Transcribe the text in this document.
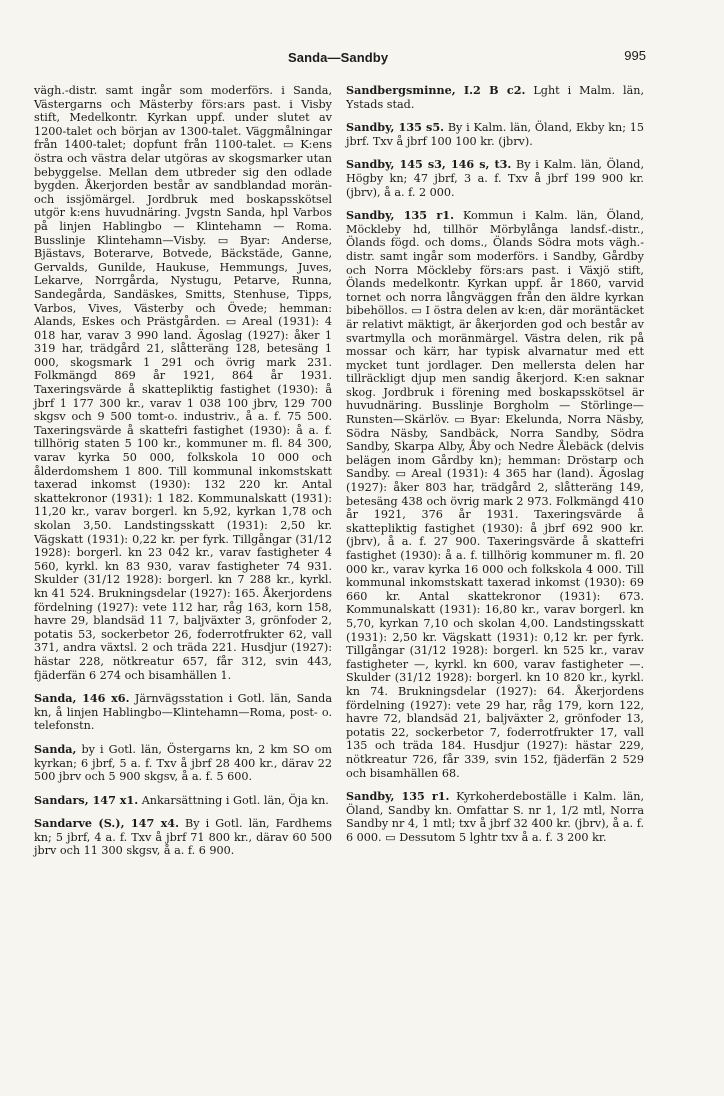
Sanda—Sandby	995

vägh.-distr. samt ingår som moderförs. i Sanda, Västergarns och Mästerby förs:ars past. i Visby stift, Medelkontr. Kyrkan uppf. under slutet av 1200-talet och början av 1300-talet. Väggmålningar från 1400-talet; dopfunt från 1100-talet. ▭ K:ens östra och västra delar utgöras av skogsmarker utan bebyggelse. Mellan dem utbreder sig den odlade bygden. Åkerjorden består av sandblandad morän- och issjömärgel. Jordbruk med boskapsskötsel utgör k:ens huvudnäring. Jvgstn Sanda, hpl Varbos på linjen Hablingbo — Klintehamn — Roma. Busslinje Klintehamn—Visby. ▭ Byar: Anderse, Bjästavs, Boterarve, Botvede, Bäckstäde, Ganne, Gervalds, Gunilde, Haukuse, Hemmungs, Juves, Lekarve, Norrgårda, Nystugu, Petarve, Runna, Sandegårda, Sandäskes, Smitts, Stenhuse, Tipps, Varbos, Vives, Västerby och Övede; hemman: Alands, Eskes och Prästgården. ▭ Areal (1931): 4 018 har, varav 3 990 land. Ägoslag (1927): åker 1 319 har, trädgård 21, slåtteräng 128, betesäng 1 000, skogsmark 1 291 och övrig mark 231. Folkmängd 869 år 1921, 864 år 1931. Taxeringsvärde å skattepliktig fastighet (1930): å jbrf 1 177 300 kr., varav 1 038 100 jbrv, 129 700 skgsv och 9 500 tomt-o. industriv., å a. f. 75 500. Taxeringsvärde å skattefri fastighet (1930): å a. f. tillhörig staten 5 100 kr., kommuner m. fl. 84 300, varav kyrka 50 000, folkskola 10 000 och ålderdomshem 1 800. Till kommunal inkomstskatt taxerad inkomst (1930): 132 220 kr. Antal skattekronor (1931): 1 182. Kommunalskatt (1931): 11,20 kr., varav borgerl. kn 5,92, kyrkan 1,78 och skolan 3,50. Landstingsskatt (1931): 2,50 kr. Vägskatt (1931): 0,22 kr. per fyrk. Tillgångar (31/12 1928): borgerl. kn 23 042 kr., varav fastigheter 4 560, kyrkl. kn 83 930, varav fastigheter 74 931. Skulder (31/12 1928): borgerl. kn 7 288 kr., kyrkl. kn 41 524. Brukningsdelar (1927): 165. Åkerjordens fördelning (1927): vete 112 har, råg 163, korn 158, havre 29, blandsäd 11 7, baljväxter 3, grönfoder 2, potatis 53, sockerbetor 26, foderrotfrukter 62, vall 371, andra växtsl. 2 och träda 221. Husdjur (1927): hästar 228, nötkreatur 657, får 312, svin 443, fjäderfän 6 274 och bisamhällen 1.

Sanda, 146 x6. Järnvägsstation i Gotl. län, Sanda kn, å linjen Hablingbo—Klintehamn—Roma, post- o. telefonstn.

Sanda, by i Gotl. län, Östergarns kn, 2 km SO om kyrkan; 6 jbrf, 5 a. f. Txv å jbrf 28 400 kr., därav 22 500 jbrv och 5 900 skgsv, å a. f. 5 600.

Sandars, 147 x1. Ankarsättning i Gotl. län, Öja kn.

Sandarve (S.), 147 x4. By i Gotl. län, Fardhems kn; 5 jbrf, 4 a. f. Txv å jbrf 71 800 kr., därav 60 500 jbrv och 11 300 skgsv, å a. f. 6 900.

Sandbergsminne, I.2 B c2. Lght i Malm. län, Ystads stad.

Sandby, 135 s5. By i Kalm. län, Öland, Ekby kn; 15 jbrf. Txv å jbrf 100 100 kr. (jbrv).

Sandby, 145 s3, 146 s, t3. By i Kalm. län, Öland, Högby kn; 47 jbrf, 3 a. f. Txv å jbrf 199 900 kr. (jbrv), å a. f. 2 000.

Sandby, 135 r1. Kommun i Kalm. län, Öland, Möckleby hd, tillhör Mörbylånga landsf.-distr., Ölands fögd. och doms., Ölands Södra mots vägh.-distr. samt ingår som moderförs. i Sandby, Gårdby och Norra Möckleby förs:ars past. i Växjö stift, Ölands medelkontr. Kyrkan uppf. år 1860, varvid tornet och norra långväggen från den äldre kyrkan bibehöllos. ▭ I östra delen av k:en, där moräntäcket är relativt mäktigt, är åkerjorden god och består av svartmylla och moränmärgel. Västra delen, rik på mossar och kärr, har typisk alvarnatur med ett mycket tunt jordlager. Den mellersta delen har tillräckligt djup men sandig åkerjord. K:en saknar skog. Jordbruk i förening med boskapsskötsel är huvudnäring. Busslinje Borgholm — Störlinge—Runsten—Skärlöv. ▭ Byar: Ekelunda, Norra Näsby, Södra Näsby, Sandbäck, Norra Sandby, Södra Sandby, Skarpa Alby, Åby och Nedre Ålebäck (delvis belägen inom Gårdby kn); hemman: Dröstarp och Sandby. ▭ Areal (1931): 4 365 har (land). Ägoslag (1927): åker 803 har, trädgård 2, slåtteräng 149, betesäng 438 och övrig mark 2 973. Folkmängd 410 år 1921, 376 år 1931. Taxeringsvärde å skattepliktig fastighet (1930): å jbrf 692 900 kr. (jbrv), å a. f. 27 900. Taxeringsvärde å skattefri fastighet (1930): å a. f. tillhörig kommuner m. fl. 20 000 kr., varav kyrka 16 000 och folkskola 4 000. Till kommunal inkomstskatt taxerad inkomst (1930): 69 660 kr. Antal skattekronor (1931): 673. Kommunalskatt (1931): 16,80 kr., varav borgerl. kn 5,70, kyrkan 7,10 och skolan 4,00. Landstingsskatt (1931): 2,50 kr. Vägskatt (1931): 0,12 kr. per fyrk. Tillgångar (31/12 1928): borgerl. kn 525 kr., varav fastigheter —, kyrkl. kn 600, varav fastigheter —. Skulder (31/12 1928): borgerl. kn 10 820 kr., kyrkl. kn 74. Brukningsdelar (1927): 64. Åkerjordens fördelning (1927): vete 29 har, råg 179, korn 122, havre 72, blandsäd 21, baljväxter 2, grönfoder 13, potatis 22, sockerbetor 7, foderrotfrukter 17, vall 135 och träda 184. Husdjur (1927): hästar 229, nötkreatur 726, får 339, svin 152, fjäderfän 2 529 och bisamhällen 68.

Sandby, 135 r1. Kyrkoherdeboställe i Kalm. län, Öland, Sandby kn. Omfattar S. nr 1, 1/2 mtl, Norra Sandby nr 4, 1 mtl; txv å jbrf 32 400 kr. (jbrv), å a. f. 6 000. ▭ Dessutom 5 lghtr txv å a. f. 3 200 kr.
